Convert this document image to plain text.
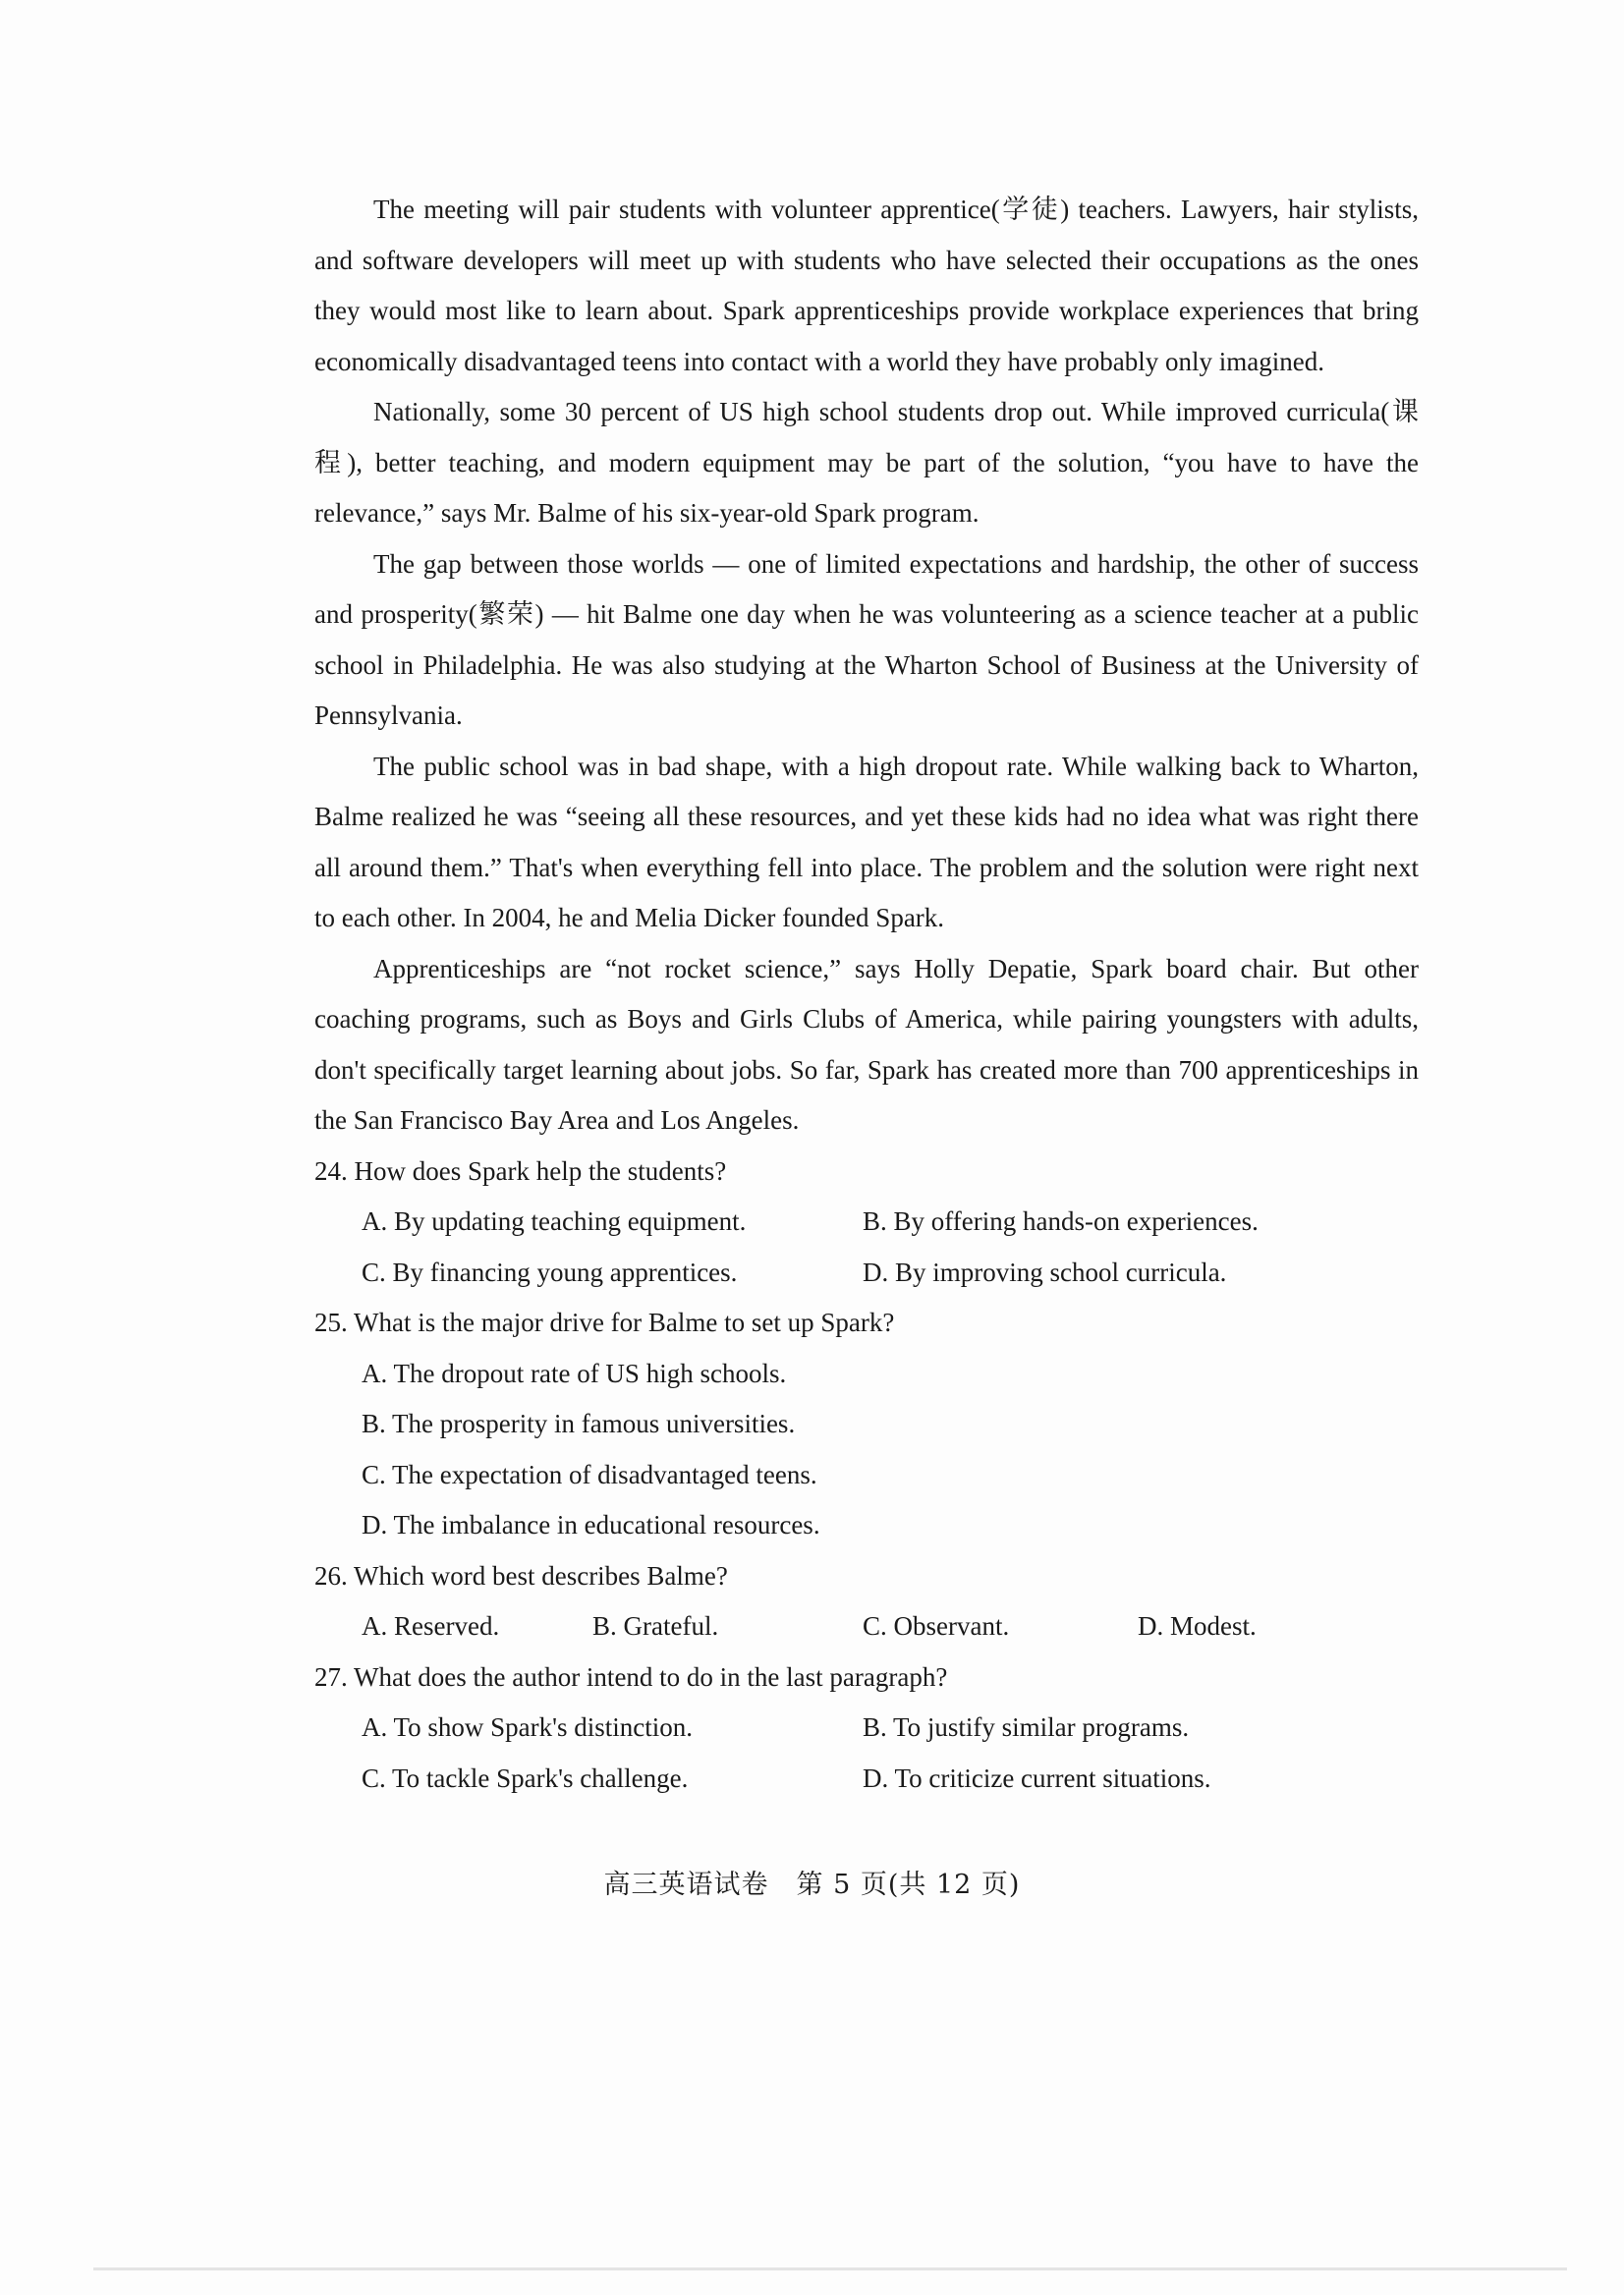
The meeting will pair students with volunteer apprentice(学徒) teachers. Lawyers, hair stylists, and software developers will meet up with students who have selected their occupations as the ones they would most like to learn about. Spark apprenticeships provide workplace experiences that bring economically disadvantaged teens into contact with a world they have probably only imagined.

Nationally, some 30 percent of US high school students drop out. While improved curricula(课程), better teaching, and modern equipment may be part of the solution, “you have to have the relevance,” says Mr. Balme of his six-year-old Spark program.

The gap between those worlds — one of limited expectations and hardship, the other of success and prosperity(繁荣) — hit Balme one day when he was volunteering as a science teacher at a public school in Philadelphia. He was also studying at the Wharton School of Business at the University of Pennsylvania.

The public school was in bad shape, with a high dropout rate. While walking back to Wharton, Balme realized he was “seeing all these resources, and yet these kids had no idea what was right there all around them.” That's when everything fell into place. The problem and the solution were right next to each other. In 2004, he and Melia Dicker founded Spark.

Apprenticeships are “not rocket science,” says Holly Depatie, Spark board chair. But other coaching programs, such as Boys and Girls Clubs of America, while pairing youngsters with adults, don't specifically target learning about jobs. So far, Spark has created more than 700 apprenticeships in the San Francisco Bay Area and Los Angeles.

24. How does Spark help the students?

A. By updating teaching equipment.	B. By offering hands-on experiences.
C. By financing young apprentices.	D. By improving school curricula.

25. What is the major drive for Balme to set up Spark?

A. The dropout rate of US high schools.
B. The prosperity in famous universities.
C. The expectation of disadvantaged teens.
D. The imbalance in educational resources.

26. Which word best describes Balme?

A. Reserved.	B. Grateful.	C. Observant.	D. Modest.

27. What does the author intend to do in the last paragraph?

A. To show Spark's distinction.	B. To justify similar programs.
C. To tackle Spark's challenge.	D. To criticize current situations.
高三英语试卷　第 5 页(共 12 页)
